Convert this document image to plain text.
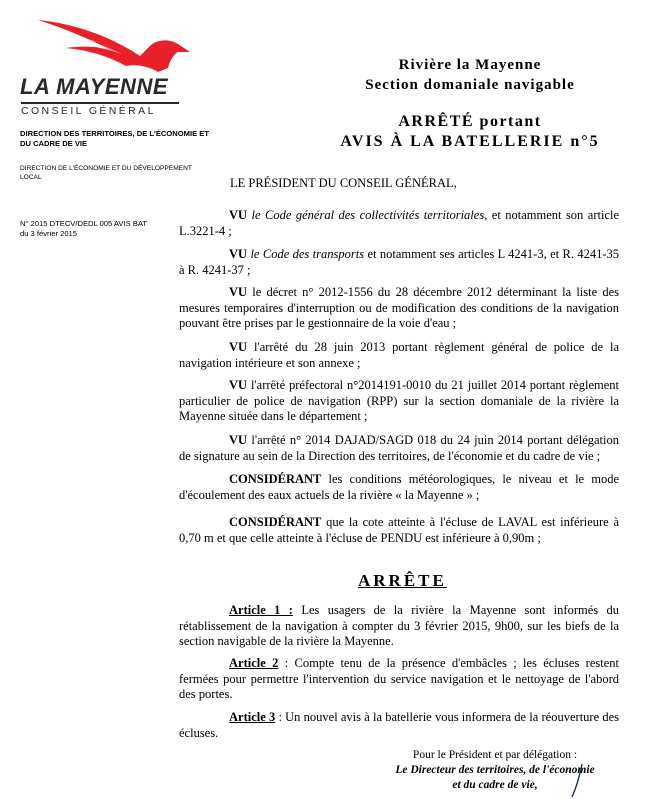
LA MAYENNE
CONSEIL GÉNÉRAL
DIRECTION DES TERRITOIRES, DE L'ÉCONOMIE ET DU CADRE DE VIE
DIRECTION DE L'ÉCONOMIE ET DU DÉVELOPPEMENT LOCAL
N° 2015 DTECV/DEDL 005 AVIS BAT
du 3 février 2015
Rivière la Mayenne
Section domaniale navigable
ARRÊTÉ portant
AVIS À LA BATELLERIE n°5
LE PRÉSIDENT DU CONSEIL GÉNÉRAL,

VU le Code général des collectivités territoriales, et notamment son article L.3221-4 ;

VU le Code des transports et notamment ses articles L 4241-3, et R. 4241-35 à R. 4241-37 ;

VU le décret n° 2012-1556 du 28 décembre 2012 déterminant la liste des mesures temporaires d'interruption ou de modification des conditions de la navigation pouvant être prises par le gestionnaire de la voie d'eau ;

VU l'arrêté du 28 juin 2013 portant règlement général de police de la navigation intérieure et son annexe ;

VU l'arrêté préfectoral n°2014191-0010 du 21 juillet 2014 portant règlement particulier de police de navigation (RPP) sur la section domaniale de la rivière la Mayenne située dans le département ;

VU l'arrêté n° 2014 DAJAD/SAGD 018 du 24 juin 2014 portant délégation de signature au sein de la Direction des territoires, de l'économie et du cadre de vie ;

CONSIDÉRANT les conditions météorologiques, le niveau et le mode d'écoulement des eaux actuels de la rivière « la Mayenne » ;

CONSIDÉRANT que la cote atteinte à l'écluse de LAVAL est inférieure à 0,70 m et que celle atteinte à l'écluse de PENDU est inférieure à 0,90m ;

ARRÊTE

Article 1 : Les usagers de la rivière la Mayenne sont informés du rétablissement de la navigation à compter du 3 février 2015, 9h00, sur les biefs de la section navigable de la rivière la Mayenne.

Article 2 : Compte tenu de la présence d'embâcles ; les écluses restent fermées pour permettre l'intervention du service navigation et le nettoyage de l'abord des portes.

Article 3 : Un nouvel avis à la batellerie vous informera de la réouverture des écluses.

Pour le Président et par délégation :
Le Directeur des territoires, de l'économie
et du cadre de vie,
